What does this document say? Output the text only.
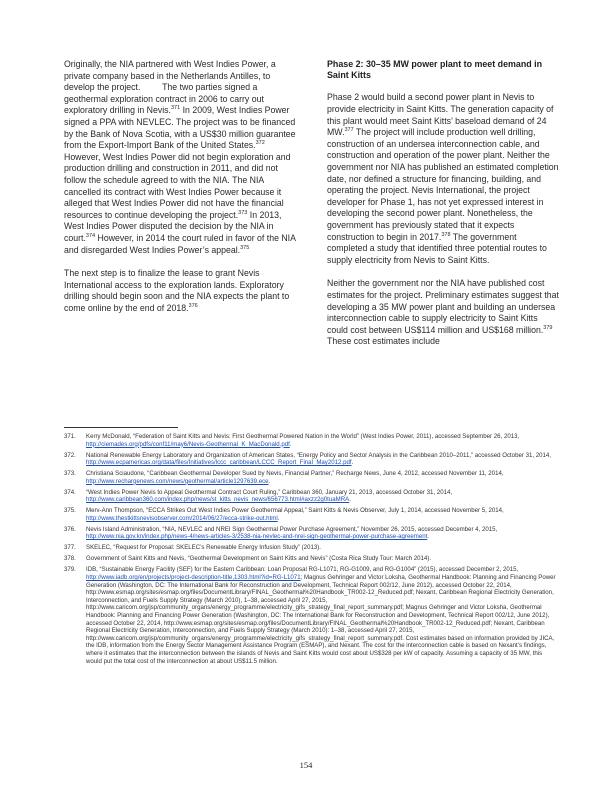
Originally, the NIA partnered with West Indies Power, a private company based in the Netherlands Antilles, to develop the project.         The two parties signed a geothermal exploration contract in 2006 to carry out exploratory drilling in Nevis.$^{371}$ In 2009, West Indies Power signed a PPA with NEVLEC. The project was to be financed by the Bank of Nova Scotia, with a US$30 million guarantee from the Export-Import Bank of the United States.$^{372}$ However, West Indies Power did not begin exploration and production drilling and construction in 2011, and did not follow the schedule agreed to with the NIA. The NIA cancelled its contract with West Indies Power because it alleged that West Indies Power did not have the financial resources to continue developing the project.$^{373}$ In 2013, West Indies Power disputed the decision by the NIA in court.$^{374}$ However, in 2014 the court ruled in favor of the NIA and disregarded West Indies Power’s appeal.$^{375}$

The next step is to finalize the lease to grant Nevis International access to the exploration lands. Exploratory drilling should begin soon and the NIA expects the plant to come online by the end of 2018.$^{376}$

Phase 2: 30–35 MW power plant to meet demand in Saint Kitts

Phase 2 would build a second power plant in Nevis to provide electricity in Saint Kitts. The generation capacity of this plant would meet Saint Kitts’ baseload demand of 24 MW.$^{377}$ The project will include production well drilling, construction of an undersea interconnection cable, and construction and operation of the power plant. Neither the government nor NIA has published an estimated completion date, nor defined a structure for financing, building, and operating the project. Nevis International, the project developer for Phase 1, has not yet expressed interest in developing the second power plant. Nonetheless, the government has previously stated that it expects construction to begin in 2017.$^{378}$ The government completed a study that identified three potential routes to supply electricity from Nevis to Saint Kitts.

Neither the government nor the NIA have published cost estimates for the project. Preliminary estimates suggest that developing a 35 MW power plant and building an undersea interconnection cable to supply electricity to Saint Kitts could cost between US$114 million and US$168 million.$^{379}$ These cost estimates include

371. Kerry McDonald, “Federation of Saint Kitts and Nevis: First Geothermal Powered Nation in the World” (West Indies Power, 2011), accessed September 26, 2013, http://ciemades.org/pdfs/conf11/may6/Nevis-Geothermal_K_MacDonald.pdf.
372. National Renewable Energy Laboratory and Organization of American States, “Energy Policy and Sector Analysis in the Caribbean 2010–2011,” accessed October 31, 2014, http://www.ecpamericas.org/data/files/Initiatives/lccc_caribbean/LCCC_Report_Final_May2012.pdf.
373. Christiana Sciaudone, “Caribbean Geothermal Developer Sued by Nevis, Financial Partner,” Recharge News, June 4, 2012, accessed November 11, 2014, http://www.rechargenews.com/news/geothermal/article1297639.ece.
374. “West Indies Power Nevis to Appeal Geothermal Contract Court Ruling,” Caribbean 360, January 21, 2013, accessed October 31, 2014, http://www.caribbean360.com/index.php/news/st_kitts_nevis_news/656773.html#axzz2g0tuaMRA.
375. Merv-Ann Thompson, “ECCA Strikes Out West Indies Power Geothermal Appeal,” Saint Kitts & Nevis Observer, July 1, 2014, accessed November 5, 2014, http://www.thestkittsnevisobserver.com/2014/06/27/ecca-strike-out.html.
376. Nevis Island Administration, “NIA, NEVLEC and NREI Sign Geothermal Power Purchase Agreement,” November 26, 2015, accessed December 4, 2015, http://www.nia.gov.kn/index.php/news-4/news-articles-3/2538-nia-nevlec-and-nrei-sign-geothermal-power-purchase-agreement.
377. SKELEC, “Request for Proposal: SKELEC’s Renewable Energy Infusion Study” (2013).
378. Government of Saint Kitts and Nevis, “Geothermal Development on Saint Kitts and Nevis” (Costa Rica Study Tour: March 2014).
379. IDB, “Sustainable Energy Facility (SEF) for the Eastern Caribbean: Loan Proposal RG-L1071, RG-G1009, and RG-G1004” (2015), accessed December 2, 2015, http://www.iadb.org/en/projects/project-description-title,1303.html?id=RG-L1071; Magnus Gehringer and Victor Loksha, Geothermal Handbook: Planning and Financing Power Generation (Washington, DC: The International Bank for Reconstruction and Development, Technical Report 002/12, June 2012), accessed October 22, 2014, http://www.esmap.org/sites/esmap.org/files/DocumentLibrary/FINAL_Geothermal%20Handbook_TR002-12_Reduced.pdf; Nexant, Caribbean Regional Electricity Generation, Interconnection, and Fuels Supply Strategy (March 2010), 1–38, accessed April 27, 2015, http://www.caricom.org/jsp/community_organs/energy_programme/electricity_gifs_strategy_final_report_summary.pdf; Magnus Gehringer and Victor Loksha, Geothermal Handbook: Planning and Financing Power Generation (Washington, DC: The International Bank for Reconstruction and Development, Technical Report 002/12, June 2012), accessed October 22, 2014, http://www.esmap.org/sites/esmap.org/files/DocumentLibrary/FINAL_Geothermal%20Handbook_TR002-12_Reduced.pdf; Nexant, Caribbean Regional Electricity Generation, Interconnection, and Fuels Supply Strategy (March 2010): 1–38, accessed April 27, 2015, http://www.caricom.org/jsp/community_organs/energy_programme/electricity_gifs_strategy_final_report_summary.pdf. Cost estimates based on information provided by JICA, the IDB, information from the Energy Sector Management Assistance Program (ESMAP), and Nexant. The cost for the interconnection cable is based on Nexant’s findings, where it estimates that the interconnection between the islands of Nevis and Saint Kitts would cost about US$328 per kW of capacity. Assuming a capacity of 35 MW, this would put the total cost of the interconnection at about US$11.5 million.
154
